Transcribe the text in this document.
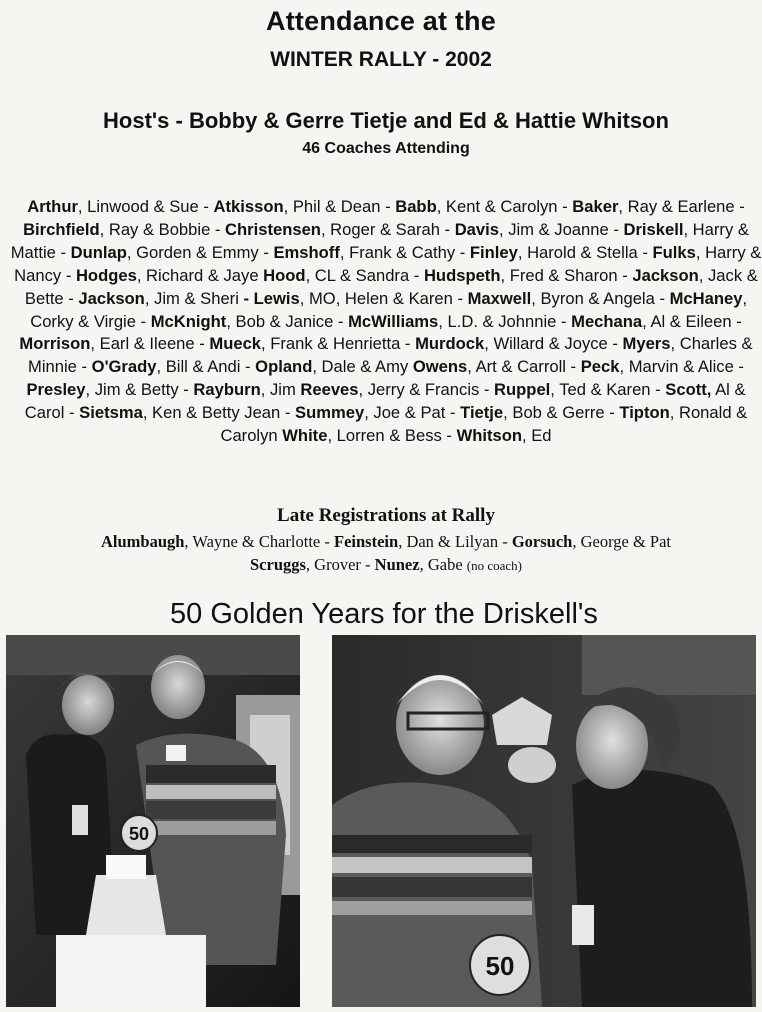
Attendance at the
WINTER RALLY - 2002
Host's - Bobby & Gerre Tietje and Ed & Hattie Whitson
46 Coaches Attending
Arthur, Linwood & Sue - Atkisson, Phil & Dean - Babb, Kent & Carolyn - Baker, Ray & Earlene - Birchfield, Ray & Bobbie - Christensen, Roger & Sarah - Davis, Jim & Joanne - Driskell, Harry & Mattie - Dunlap, Gorden & Emmy - Emshoff, Frank & Cathy - Finley, Harold & Stella - Fulks, Harry & Nancy - Hodges, Richard & Jaye Hood, CL & Sandra - Hudspeth, Fred & Sharon - Jackson, Jack & Bette - Jackson, Jim & Sheri - Lewis, MO, Helen & Karen - Maxwell, Byron & Angela - McHaney, Corky & Virgie - McKnight, Bob & Janice - McWilliams, L.D. & Johnnie - Mechana, Al & Eileen - Morrison, Earl & Ileene - Mueck, Frank & Henrietta - Murdock, Willard & Joyce - Myers, Charles & Minnie - O'Grady, Bill & Andi - Opland, Dale & Amy Owens, Art & Carroll - Peck, Marvin & Alice - Presley, Jim & Betty - Rayburn, Jim Reeves, Jerry & Francis - Ruppel, Ted & Karen - Scott, Al & Carol - Sietsma, Ken & Betty Jean - Summey, Joe & Pat - Tietje, Bob & Gerre - Tipton, Ronald & Carolyn White, Lorren & Bess - Whitson, Ed
Late Registrations at Rally
Alumbaugh, Wayne & Charlotte - Feinstein, Dan & Lilyan - Gorsuch, George & Pat
Scruggs, Grover - Nunez, Gabe (no coach)
50 Golden Years for the Driskell's
50
50
